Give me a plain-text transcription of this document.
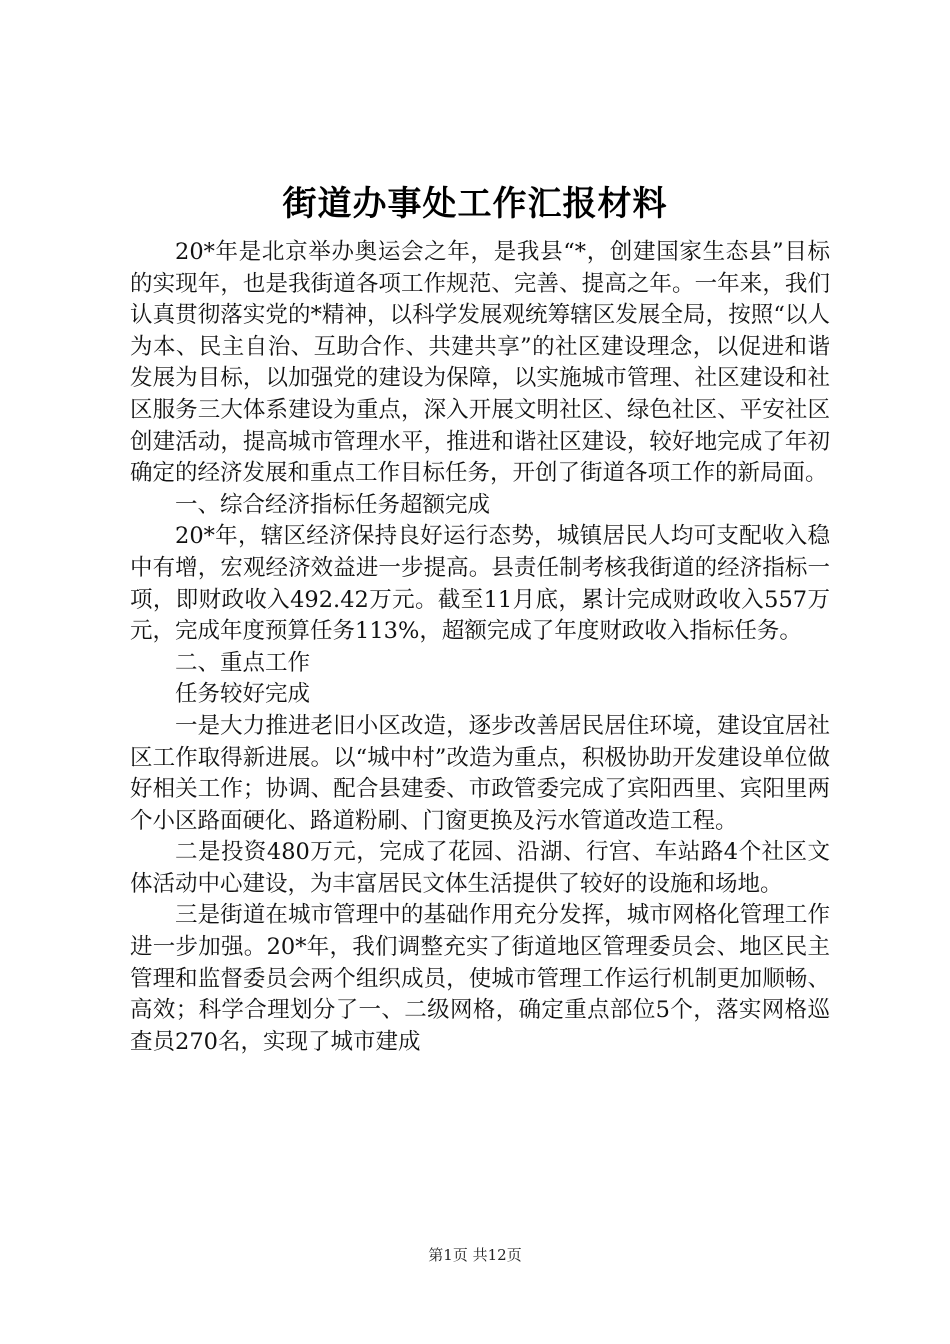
街道办事处工作汇报材料

20*年是北京举办奥运会之年，是我县“*，创建国家生态县”目标的实现年，也是我街道各项工作规范、完善、提高之年。一年来，我们认真贯彻落实党的*精神，以科学发展观统筹辖区发展全局，按照“以人为本、民主自治、互助合作、共建共享”的社区建设理念，以促进和谐发展为目标，以加强党的建设为保障，以实施城市管理、社区建设和社区服务三大体系建设为重点，深入开展文明社区、绿色社区、平安社区创建活动，提高城市管理水平，推进和谐社区建设，较好地完成了年初确定的经济发展和重点工作目标任务，开创了街道各项工作的新局面。

一、综合经济指标任务超额完成

20*年，辖区经济保持良好运行态势，城镇居民人均可支配收入稳中有增，宏观经济效益进一步提高。县责任制考核我街道的经济指标一项，即财政收入492.42万元。截至11月底，累计完成财政收入557万元，完成年度预算任务113%，超额完成了年度财政收入指标任务。

二、重点工作

任务较好完成

一是大力推进老旧小区改造，逐步改善居民居住环境，建设宜居社区工作取得新进展。以“城中村”改造为重点，积极协助开发建设单位做好相关工作；协调、配合县建委、市政管委完成了宾阳西里、宾阳里两个小区路面硬化、路道粉刷、门窗更换及污水管道改造工程。

二是投资480万元，完成了花园、沿湖、行宫、车站路4个社区文体活动中心建设，为丰富居民文体生活提供了较好的设施和场地。

三是街道在城市管理中的基础作用充分发挥，城市网格化管理工作进一步加强。20*年，我们调整充实了街道地区管理委员会、地区民主管理和监督委员会两个组织成员，使城市管理工作运行机制更加顺畅、高效；科学合理划分了一、二级网格，确定重点部位5个，落实网格巡查员270名，实现了城市建成

第1页 共12页
